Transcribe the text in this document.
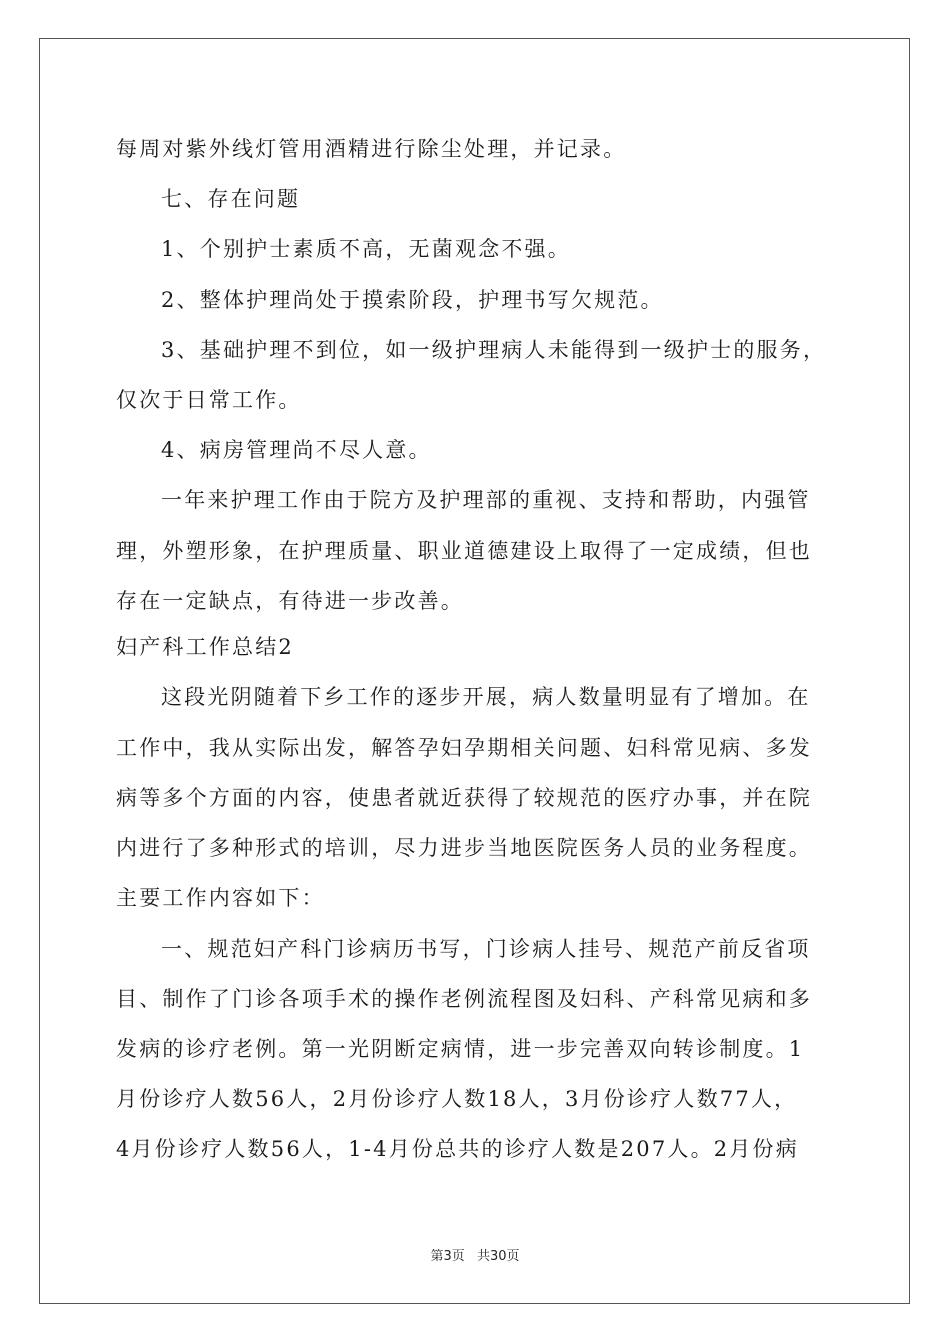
每周对紫外线灯管用酒精进行除尘处理，并记录。
七、存在问题
1、个别护士素质不高，无菌观念不强。
2、整体护理尚处于摸索阶段，护理书写欠规范。
3、基础护理不到位，如一级护理病人未能得到一级护士的服务，
仅次于日常工作。
4、病房管理尚不尽人意。
一年来护理工作由于院方及护理部的重视、支持和帮助，内强管
理，外塑形象，在护理质量、职业道德建设上取得了一定成绩，但也
存在一定缺点，有待进一步改善。
妇产科工作总结2
这段光阴随着下乡工作的逐步开展，病人数量明显有了增加。在
工作中，我从实际出发，解答孕妇孕期相关问题、妇科常见病、多发
病等多个方面的内容，使患者就近获得了较规范的医疗办事，并在院
内进行了多种形式的培训，尽力进步当地医院医务人员的业务程度。
主要工作内容如下：
一、规范妇产科门诊病历书写，门诊病人挂号、规范产前反省项
目、制作了门诊各项手术的操作老例流程图及妇科、产科常见病和多
发病的诊疗老例。第一光阴断定病情，进一步完善双向转诊制度。1
月份诊疗人数56人，2月份诊疗人数18人，3月份诊疗人数77人，
4月份诊疗人数56人，1-4月份总共的诊疗人数是207人。2月份病
第3页 共30页
